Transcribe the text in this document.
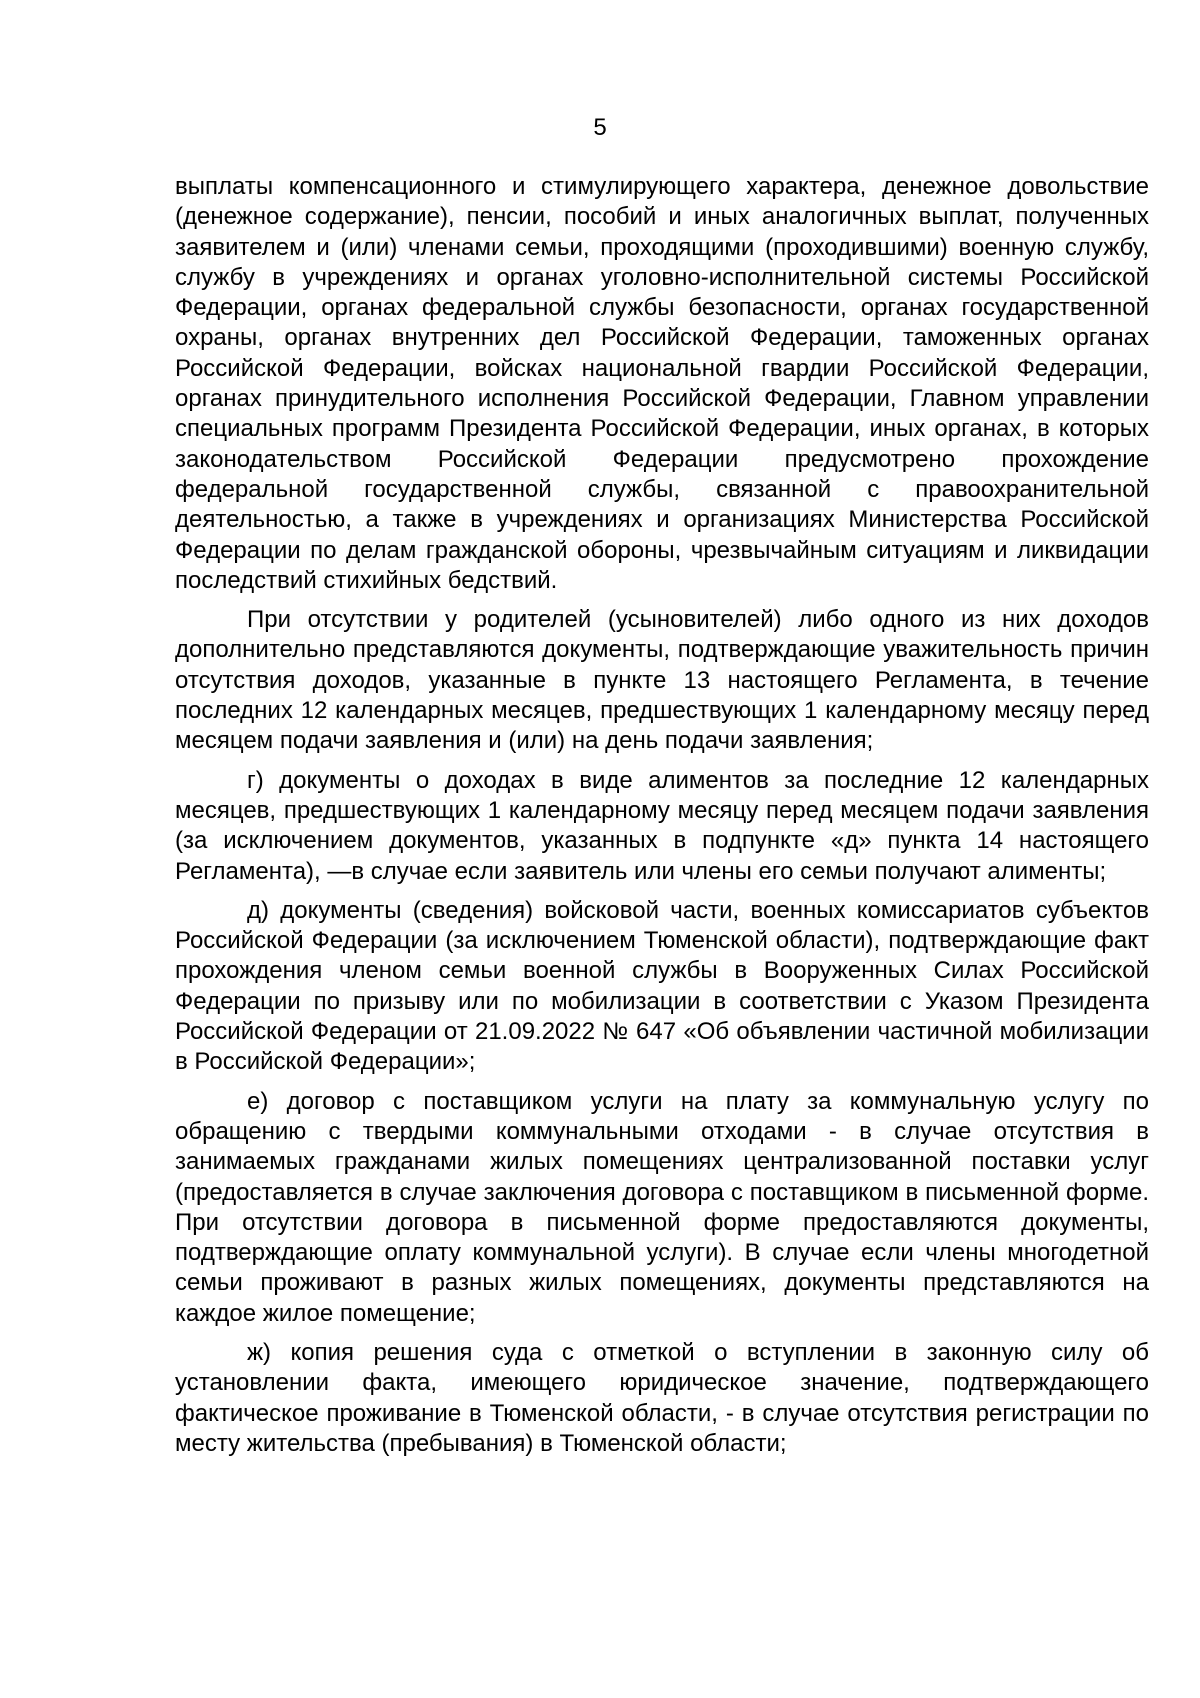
5

выплаты компенсационного и стимулирующего характера, денежное довольствие (денежное содержание), пенсии, пособий и иных аналогичных выплат, полученных заявителем и (или) членами семьи, проходящими (проходившими) военную службу, службу в учреждениях и органах уголовно-исполнительной системы Российской Федерации, органах федеральной службы безопасности, органах государственной охраны, органах внутренних дел Российской Федерации, таможенных органах Российской Федерации, войсках национальной гвардии Российской Федерации, органах принудительного исполнения Российской Федерации, Главном управлении специальных программ Президента Российской Федерации, иных органах, в которых законодательством Российской Федерации предусмотрено прохождение федеральной государственной службы, связанной с правоохранительной деятельностью, а также в учреждениях и организациях Министерства Российской Федерации по делам гражданской обороны, чрезвычайным ситуациям и ликвидации последствий стихийных бедствий.

При отсутствии у родителей (усыновителей) либо одного из них доходов дополнительно представляются документы, подтверждающие уважительность причин отсутствия доходов, указанные в пункте 13 настоящего Регламента, в течение последних 12 календарных месяцев, предшествующих 1 календарному месяцу перед месяцем подачи заявления и (или) на день подачи заявления;

г) документы о доходах в виде алиментов за последние 12 календарных месяцев, предшествующих 1 календарному месяцу перед месяцем подачи заявления (за исключением документов, указанных в подпункте «д» пункта 14 настоящего Регламента), —в случае если заявитель или члены его семьи получают алименты;

д) документы (сведения) войсковой части, военных комиссариатов субъектов Российской Федерации (за исключением Тюменской области), подтверждающие факт прохождения членом семьи военной службы в Вооруженных Силах Российской Федерации по призыву или по мобилизации в соответствии с Указом Президента Российской Федерации от 21.09.2022 № 647 «Об объявлении частичной мобилизации в Российской Федерации»;

е) договор с поставщиком услуги на плату за коммунальную услугу по обращению с твердыми коммунальными отходами - в случае отсутствия в занимаемых гражданами жилых помещениях централизованной поставки услуг (предоставляется в случае заключения договора с поставщиком в письменной форме. При отсутствии договора в письменной форме предоставляются документы, подтверждающие оплату коммунальной услуги). В случае если члены многодетной семьи проживают в разных жилых помещениях, документы представляются на каждое жилое помещение;

ж) копия решения суда с отметкой о вступлении в законную силу об установлении факта, имеющего юридическое значение, подтверждающего фактическое проживание в Тюменской области, - в случае отсутствия регистрации по месту жительства (пребывания) в Тюменской области;
